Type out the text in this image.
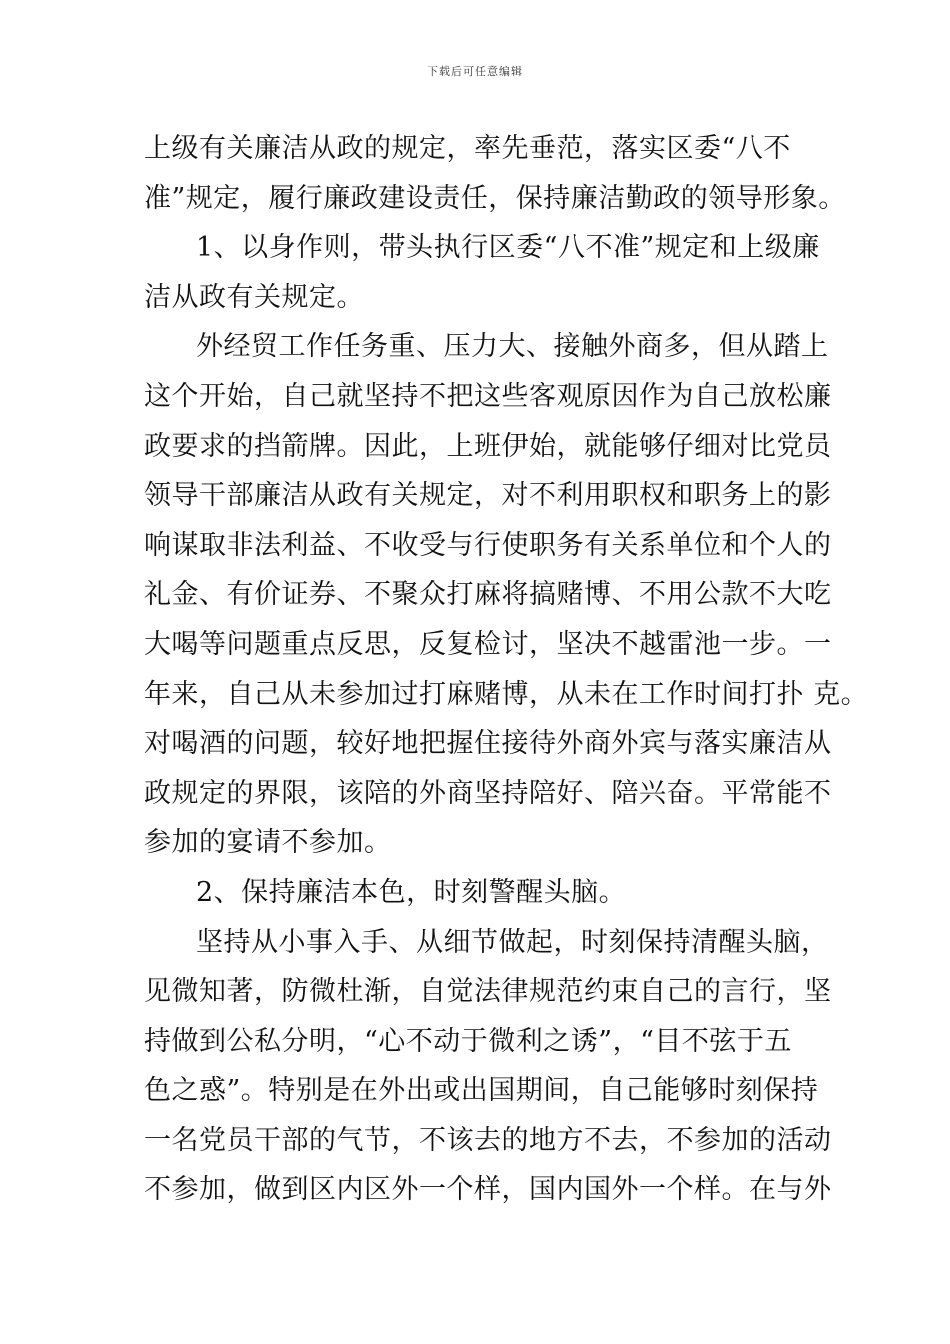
下载后可任意编辑
上级有关廉洁从政的规定，率先垂范，落实区委“八不
准”规定，履行廉政建设责任，保持廉洁勤政的领导形象。
1、以身作则，带头执行区委“八不准”规定和上级廉
洁从政有关规定。
外经贸工作任务重、压力大、接触外商多，但从踏上
这个开始，自己就坚持不把这些客观原因作为自己放松廉
政要求的挡箭牌。因此，上班伊始，就能够仔细对比党员
领导干部廉洁从政有关规定，对不利用职权和职务上的影
响谋取非法利益、不收受与行使职务有关系单位和个人的
礼金、有价证券、不聚众打麻将搞赌博、不用公款不大吃
大喝等问题重点反思，反复检讨，坚决不越雷池一步。一
年来，自己从未参加过打麻赌博，从未在工作时间打扑 克。
对喝酒的问题，较好地把握住接待外商外宾与落实廉洁从
政规定的界限，该陪的外商坚持陪好、陪兴奋。平常能不
参加的宴请不参加。
2、保持廉洁本色，时刻警醒头脑。
坚持从小事入手、从细节做起，时刻保持清醒头脑，
见微知著，防微杜渐，自觉法律规范约束自己的言行，坚
持做到公私分明，“心不动于微利之诱”，“目不弦于五
色之惑”。特别是在外出或出国期间，自己能够时刻保持
一名党员干部的气节，不该去的地方不去，不参加的活动
不参加，做到区内区外一个样，国内国外一个样。在与外
